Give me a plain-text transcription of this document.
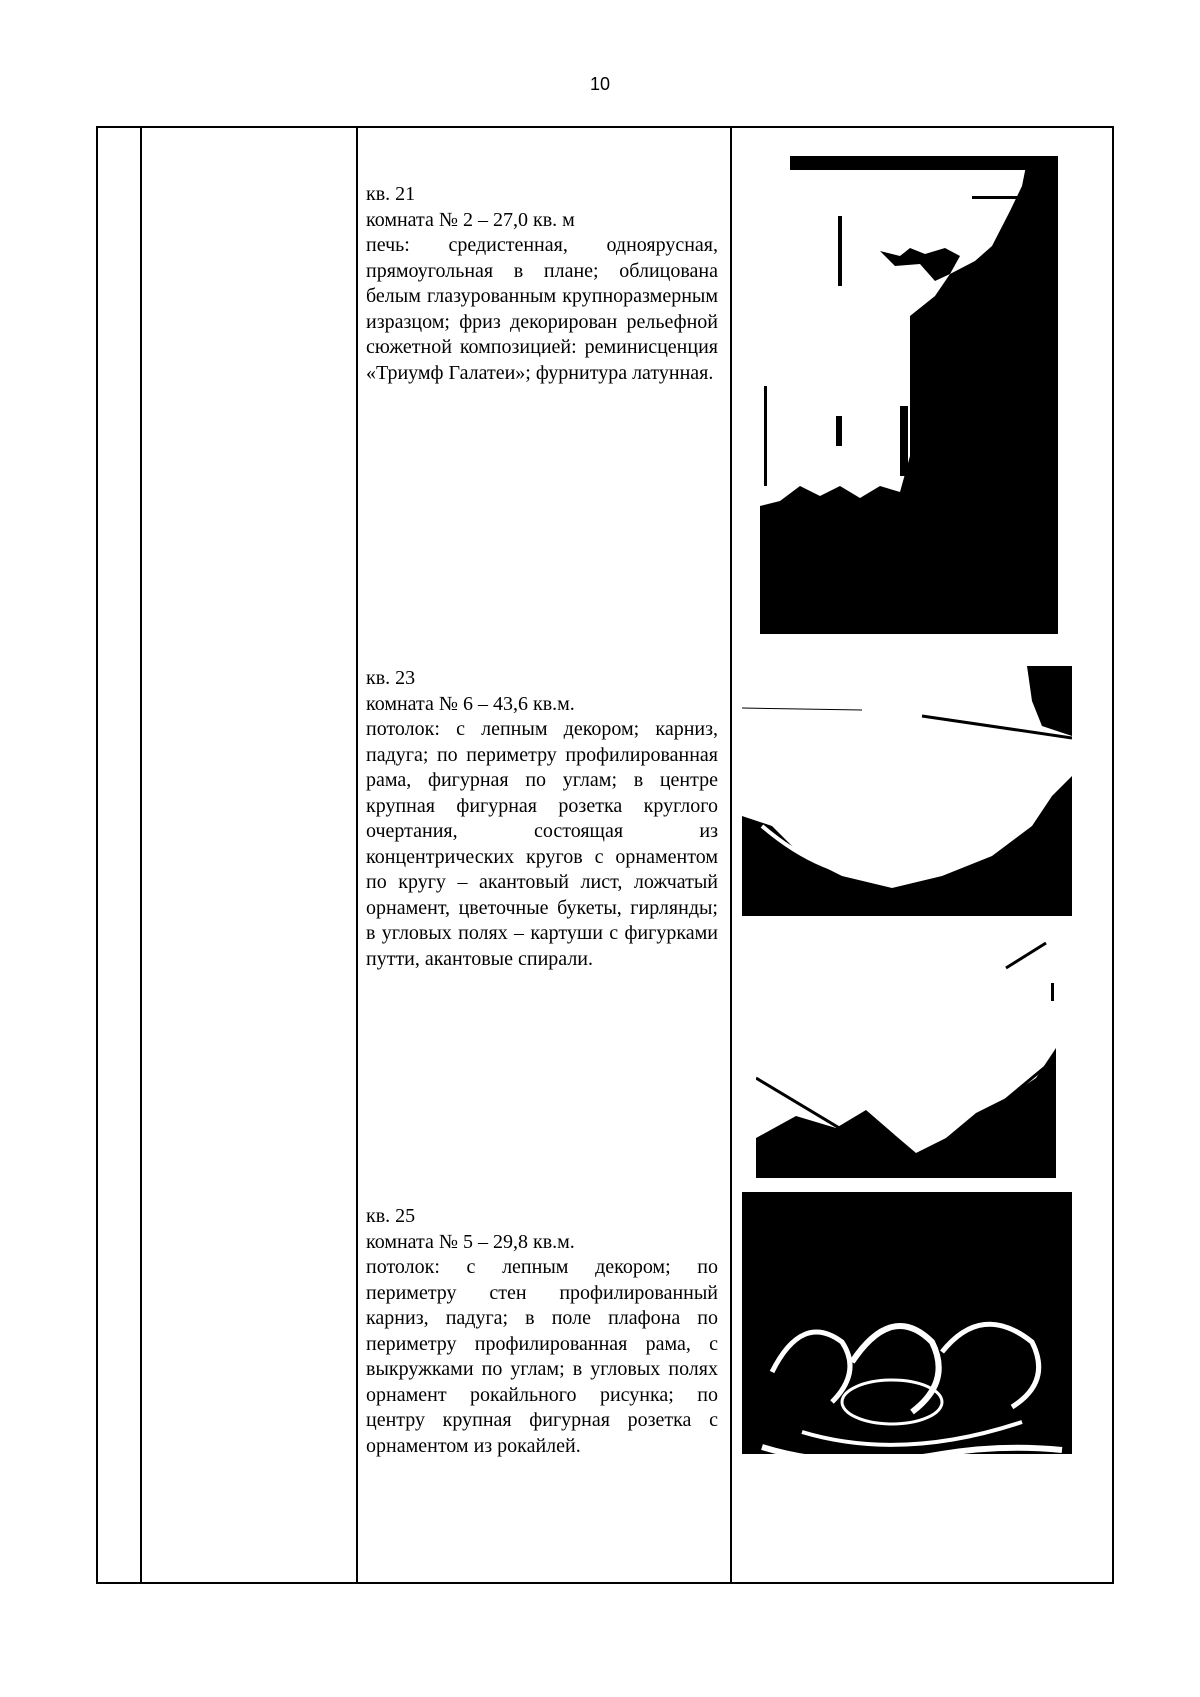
10
кв. 21
комната № 2 – 27,0 кв. м
печь: средистенная, одноярусная, прямоугольная в плане; облицована белым глазурованным крупноразмерным изразцом; фриз декорирован рельефной сюжетной композицией: реминисценция «Триумф Галатеи»; фурнитура латунная.
кв. 23
комната № 6 – 43,6 кв.м.
потолок: с лепным декором; карниз, падуга; по периметру профилированная рама, фигурная по углам; в центре крупная фигурная розетка круглого очертания, состоящая из концентрических кругов с орнаментом по кругу – акантовый лист, ложчатый орнамент, цветочные букеты, гирлянды; в угловых полях – картуши с фигурками путти, акантовые спирали.
кв. 25
комната № 5 – 29,8 кв.м.
потолок: с лепным декором; по периметру стен профилированный карниз, падуга; в поле плафона по периметру профилированная рама, с выкружками по углам; в угловых полях орнамент рокайльного рисунка; по центру крупная фигурная розетка с орнаментом из рокайлей.
